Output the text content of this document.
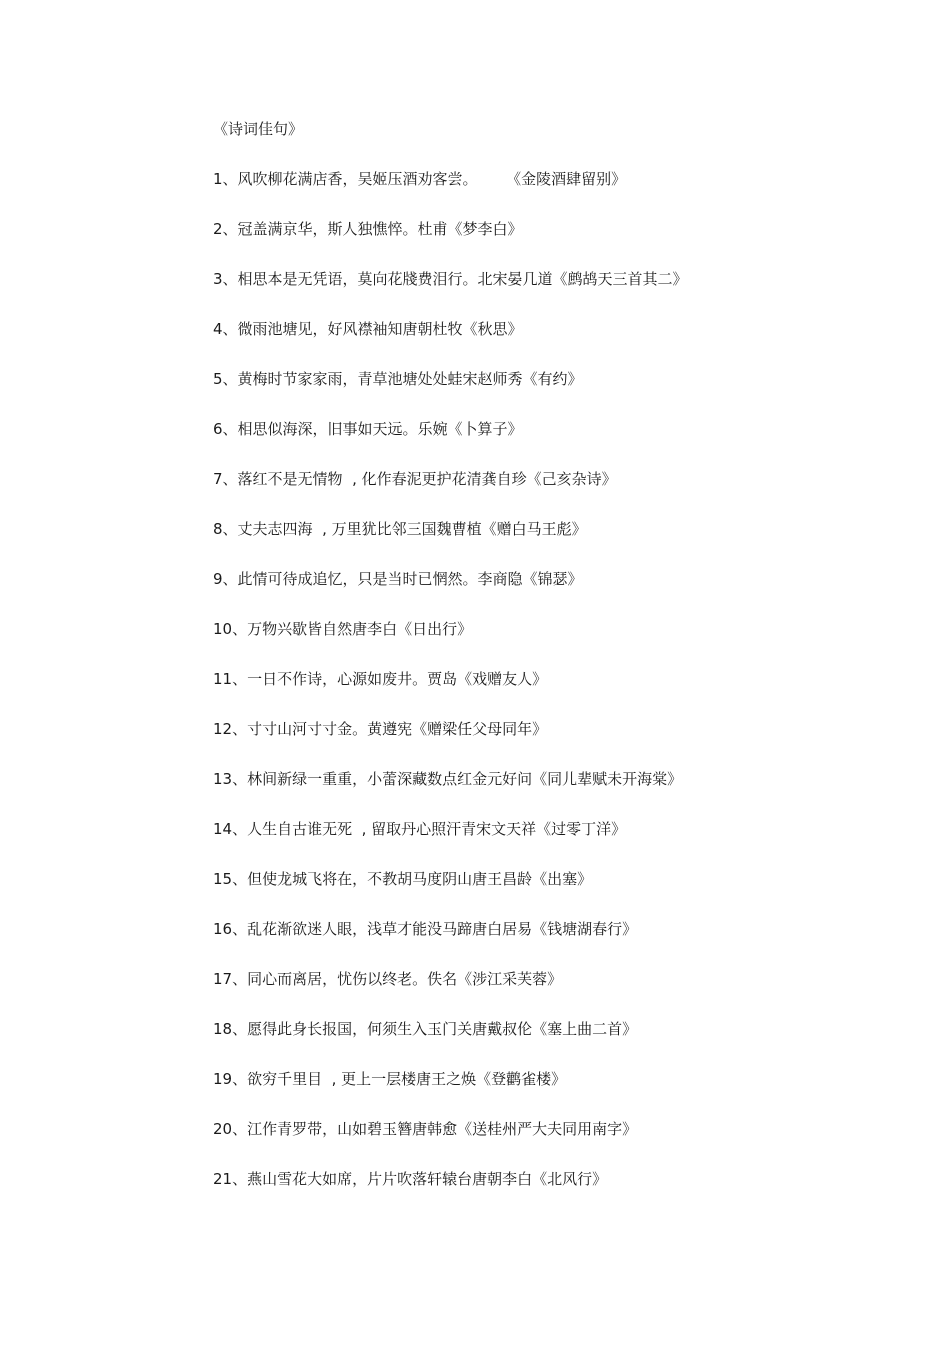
《诗词佳句》
1、 风吹柳花满店香，吴姬压酒劝客尝。      《金陵酒肆留别》
2、 冠盖满京华，斯人独憔悴。杜甫《梦李白》
3、 相思本是无凭语，莫向花牋费泪行。北宋晏几道《鹧鸪天三首其二》
4、 微雨池塘见，好风襟袖知唐朝杜牧《秋思》
5、 黄梅时节家家雨，青草池塘处处蛙宋赵师秀《有约》
6、 相思似海深，旧事如天远。乐婉《卜算子》
7、 落红不是无情物  , 化作春泥更护花清龚自珍《己亥杂诗》
8、 丈夫志四海  , 万里犹比邻三国魏曹植《赠白马王彪》
9、 此情可待成追忆，只是当时已惘然。李商隐《锦瑟》
10、 万物兴歇皆自然唐李白《日出行》
11、 一日不作诗，心源如废井。贾岛《戏赠友人》
12、 寸寸山河寸寸金。黄遵宪《赠梁任父母同年》
13、 林间新绿一重重，小蕾深藏数点红金元好问《同儿辈赋未开海棠》
14、 人生自古谁无死  , 留取丹心照汗青宋文天祥《过零丁洋》
15、 但使龙城飞将在，不教胡马度阴山唐王昌龄《出塞》
16、 乱花渐欲迷人眼，浅草才能没马蹄唐白居易《钱塘湖春行》
17、 同心而离居，忧伤以终老。佚名《涉江采芙蓉》
18、 愿得此身长报国，何须生入玉门关唐戴叔伦《塞上曲二首》
19、 欲穷千里目  , 更上一层楼唐王之焕《登鹳雀楼》
20、 江作青罗带，山如碧玉簪唐韩愈《送桂州严大夫同用南字》
21、 燕山雪花大如席，片片吹落轩辕台唐朝李白《北风行》
